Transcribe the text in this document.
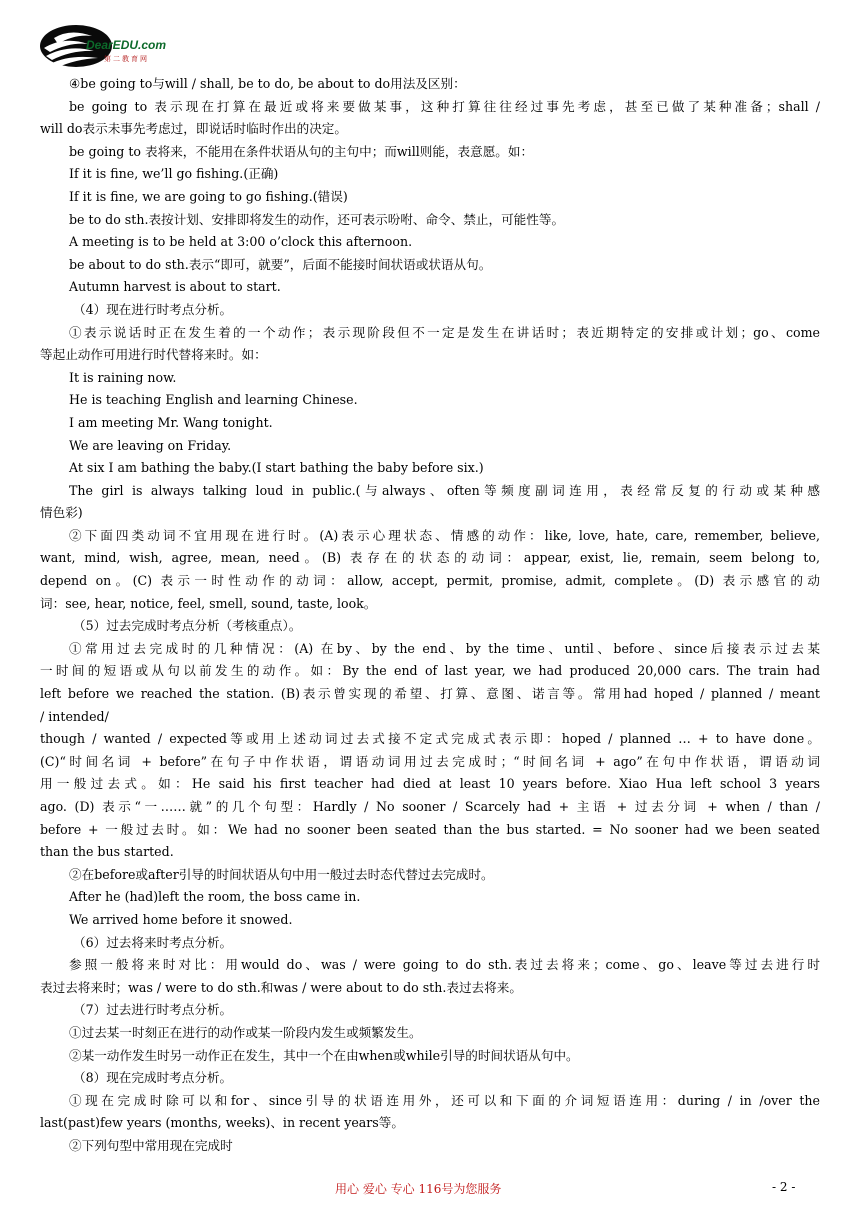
DearEDU.com
第二教育网
④be going to与will / shall, be to do, be about to do用法及区别：
be going to 表示现在打算在最近或将来要做某事，这种打算往往经过事先考虑，甚至已做了某种准备；shall /
will do表示未事先考虑过，即说话时临时作出的决定。
be going to 表将来，不能用在条件状语从句的主句中；而will则能，表意愿。如：
If it is fine, we’ll go fishing.(正确)
If it is fine, we are going to go fishing.(错误)
be to do sth.表按计划、安排即将发生的动作，还可表示吩咐、命令、禁止，可能性等。
A meeting is to be held at 3:00 o’clock this afternoon.
be about to do sth.表示“即可，就要”，后面不能接时间状语或状语从句。
Autumn harvest is about to start.
（4）现在进行时考点分析。
①表示说话时正在发生着的一个动作；表示现阶段但不一定是发生在讲话时；表近期特定的安排或计划；go、come
等起止动作可用进行时代替将来时。如：
It is raining now.
He is teaching English and learning Chinese.
I am meeting Mr. Wang tonight.
We are leaving on Friday.
At six I am bathing the baby.(I start bathing the baby before six.)
The girl is always talking loud in public.(与always、often等频度副词连用，表经常反复的行动或某种感
情色彩)
②下面四类动词不宜用现在进行时。(A)表示心理状态、情感的动作：like, love, hate, care, remember, believe,
want, mind, wish, agree, mean, need。(B) 表存在的状态的动词：appear, exist, lie, remain, seem belong to,
depend on。(C) 表示一时性动作的动词：allow, accept, permit, promise, admit, complete。(D) 表示感官的动
词：see, hear, notice, feel, smell, sound, taste, look。
（5）过去完成时考点分析（考核重点）。
①常用过去完成时的几种情况：(A) 在by、by the end、by the time、until、before、since后接表示过去某
一时间的短语或从句以前发生的动作。如：By the end of last year, we had produced 20,000 cars. The train had
left before we reached the station. (B)表示曾实现的希望、打算、意图、诺言等。常用had hoped / planned / meant
/ intended/
though / wanted / expected等或用上述动词过去式接不定式完成式表示即：hoped / planned … + to have done。
(C)“时间名词 + before”在句子中作状语，谓语动词用过去完成时；“时间名词 + ago”在句中作状语，谓语动词
用一般过去式。如：He said his first teacher had died at least 10 years before. Xiao Hua left school 3 years
ago. (D) 表示“一……就”的几个句型：Hardly / No sooner / Scarcely had + 主语 + 过去分词 + when / than /
before + 一般过去时。如：We had no sooner been seated than the bus started. = No sooner had we been seated
than the bus started.
②在before或after引导的时间状语从句中用一般过去时态代替过去完成时。
After he (had)left the room, the boss came in.
We arrived home before it snowed.
（6）过去将来时考点分析。
参照一般将来时对比：用would do、was / were going to do sth.表过去将来；come、go、leave等过去进行时
表过去将来时；was / were to do sth.和was / were about to do sth.表过去将来。
（7）过去进行时考点分析。
①过去某一时刻正在进行的动作或某一阶段内发生或频繁发生。
②某一动作发生时另一动作正在发生，其中一个在由when或while引导的时间状语从句中。
（8）现在完成时考点分析。
①现在完成时除可以和for、since引导的状语连用外，还可以和下面的介词短语连用：during / in /over the
last(past)few years (months, weeks)、in recent years等。
②下列句型中常用现在完成时
用心 爱心 专心 116号为您服务	- 2 -
